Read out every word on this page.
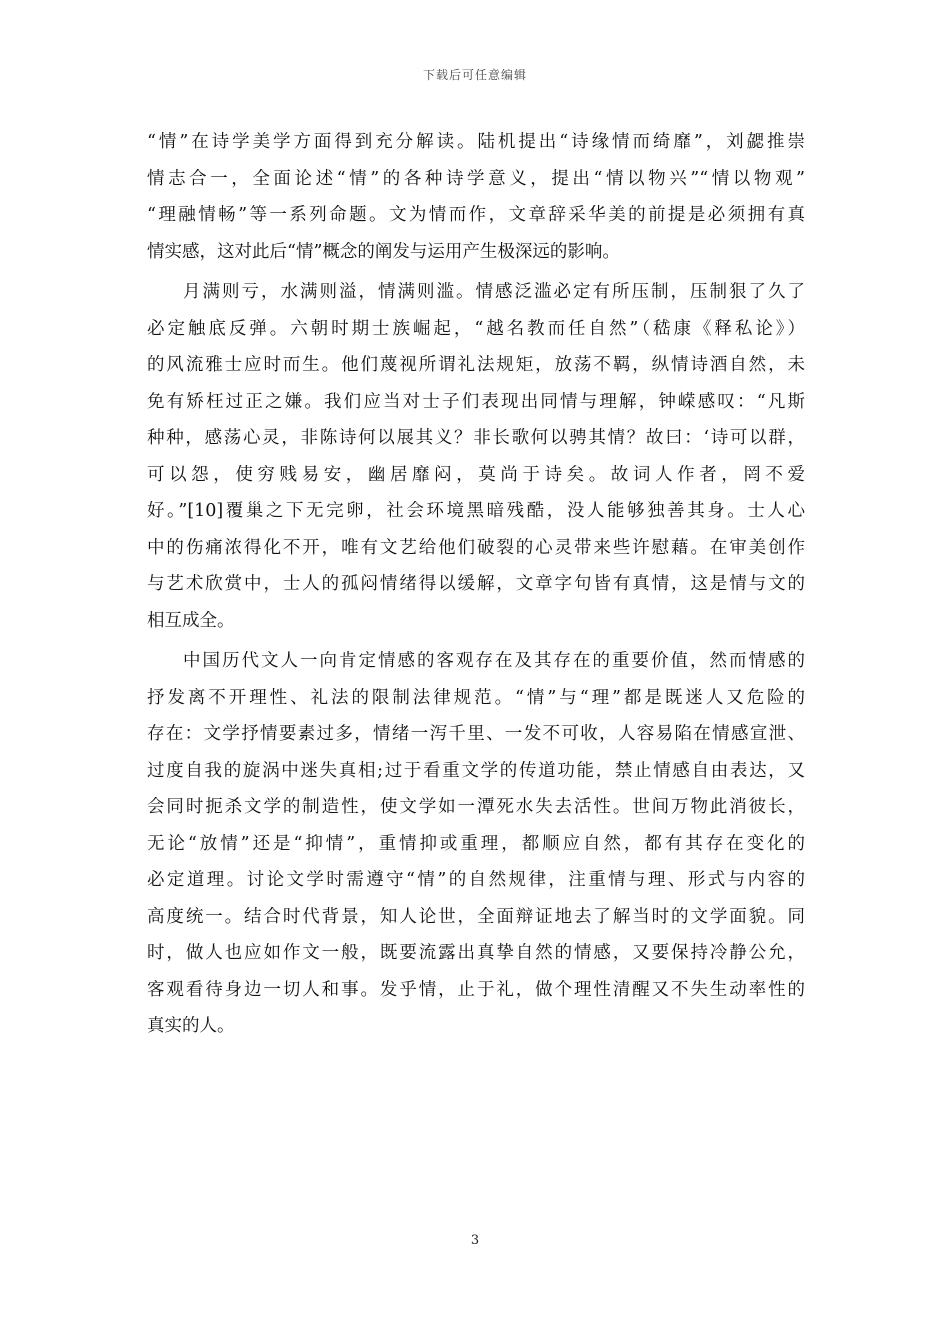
下载后可任意编辑
“情”在诗学美学方面得到充分解读。陆机提出“诗缘情而绮靡”，刘勰推崇
情志合一，全面论述“情”的各种诗学意义，提出“情以物兴”“情以物观”
“理融情畅”等一系列命题。文为情而作，文章辞采华美的前提是必须拥有真
情实感，这对此后“情”概念的阐发与运用产生极深远的影响。
月满则亏，水满则溢，情满则滥。情感泛滥必定有所压制，压制狠了久了
必定触底反弹。六朝时期士族崛起，“越名教而任自然”（嵇康《释私论》）
的风流雅士应时而生。他们蔑视所谓礼法规矩，放荡不羁，纵情诗酒自然，未
免有矫枉过正之嫌。我们应当对士子们表现出同情与理解，钟嵘感叹：“凡斯
种种，感荡心灵，非陈诗何以展其义？非长歌何以骋其情？故曰：‘诗可以群，
可以怨，使穷贱易安，幽居靡闷，莫尚于诗矣。故词人作者，罔不爱
好。”[10]覆巢之下无完卵，社会环境黑暗残酷，没人能够独善其身。士人心
中的伤痛浓得化不开，唯有文艺给他们破裂的心灵带来些许慰藉。在审美创作
与艺术欣赏中，士人的孤闷情绪得以缓解，文章字句皆有真情，这是情与文的
相互成全。
中国历代文人一向肯定情感的客观存在及其存在的重要价值，然而情感的
抒发离不开理性、礼法的限制法律规范。“情”与“理”都是既迷人又危险的
存在：文学抒情要素过多，情绪一泻千里、一发不可收，人容易陷在情感宣泄、
过度自我的旋涡中迷失真相;过于看重文学的传道功能，禁止情感自由表达，又
会同时扼杀文学的制造性，使文学如一潭死水失去活性。世间万物此消彼长，
无论“放情”还是“抑情”，重情抑或重理，都顺应自然，都有其存在变化的
必定道理。讨论文学时需遵守“情”的自然规律，注重情与理、形式与内容的
高度统一。结合时代背景，知人论世，全面辩证地去了解当时的文学面貌。同
时，做人也应如作文一般，既要流露出真挚自然的情感，又要保持冷静公允，
客观看待身边一切人和事。发乎情，止于礼，做个理性清醒又不失生动率性的
真实的人。
3
